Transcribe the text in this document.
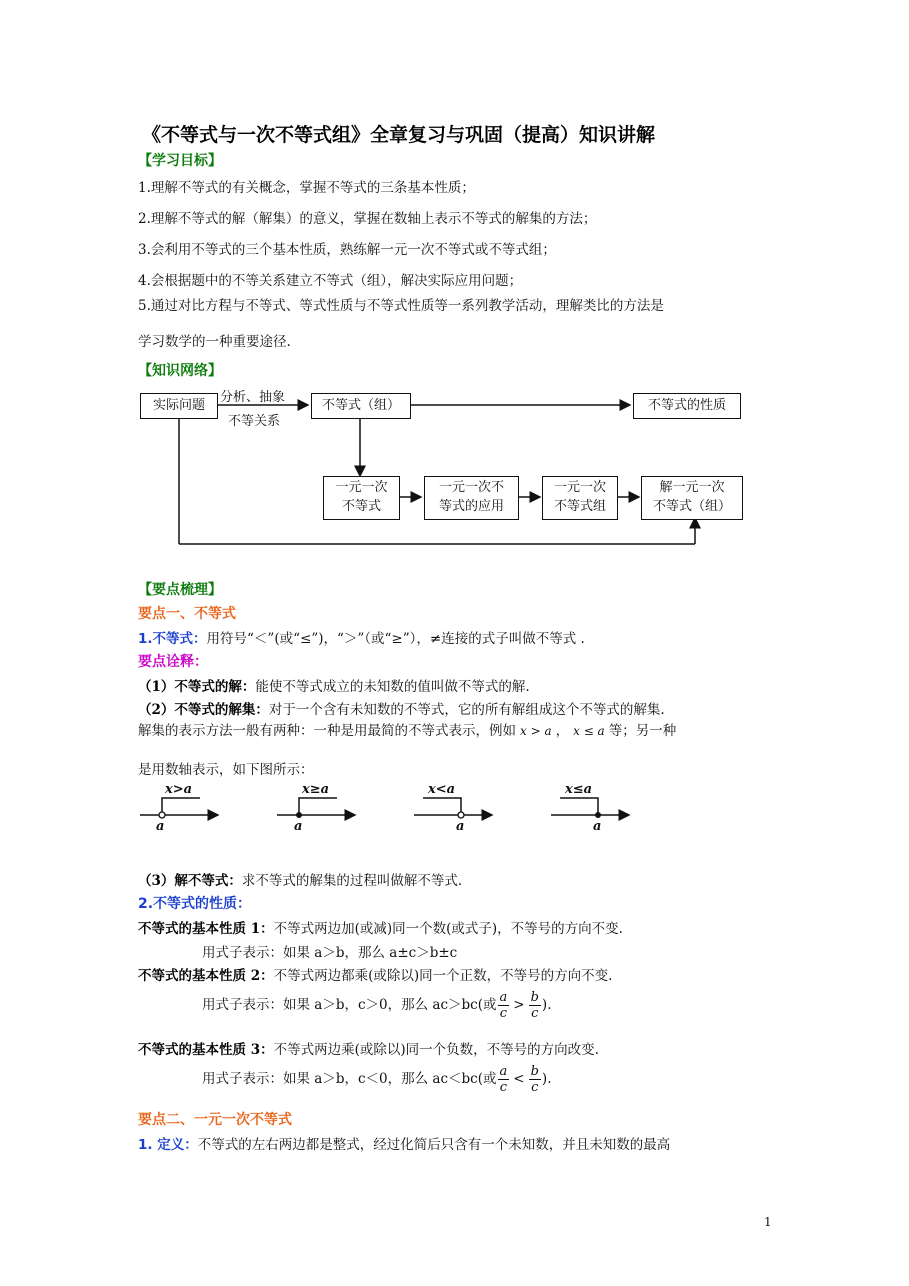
《不等式与一次不等式组》全章复习与巩固（提高）知识讲解
【学习目标】
1.理解不等式的有关概念，掌握不等式的三条基本性质；
2.理解不等式的解（解集）的意义，掌握在数轴上表示不等式的解集的方法；
3.会利用不等式的三个基本性质，熟练解一元一次不等式或不等式组；
4.会根据题中的不等关系建立不等式（组），解决实际应用问题；
5.通过对比方程与不等式、等式性质与不等式性质等一系列教学活动，理解类比的方法是
学习数学的一种重要途径.
【知识网络】
实际问题
分析、抽象
不等关系
不等式（组）	不等式的性质
一元一次
不等式
一元一次不
等式的应用
一元一次
不等式组
解一元一次
不等式（组）
【要点梳理】
要点一、不等式
1.不等式：用符号“＜”(或“≤”)，“＞”（或“≥”），≠连接的式子叫做不等式 .
要点诠释：
（1）不等式的解：能使不等式成立的未知数的值叫做不等式的解.
（2）不等式的解集：对于一个含有未知数的不等式，它的所有解组成这个不等式的解集.
解集的表示方法一般有两种：一种是用最简的不等式表示，例如 x > a ， x ≤ a 等；另一种
是用数轴表示，如下图所示：
x>a
a
x≥a
a
x<a
a
x≤a
a
（3）解不等式：求不等式的解集的过程叫做解不等式.
2.不等式的性质：
不等式的基本性质 1：不等式两边加(或减)同一个数(或式子)，不等号的方向不变.
用式子表示：如果 a＞b，那么 a±c＞b±c
不等式的基本性质 2：不等式两边都乘(或除以)同一个正数，不等号的方向不变.
用式子表示：如果 a＞b，c＞0，那么 ac＞bc(或 $\frac{a}{c} > \frac{b}{c}$ ).
不等式的基本性质 3：不等式两边乘(或除以)同一个负数，不等号的方向改变.
用式子表示：如果 a＞b，c＜0，那么 ac＜bc(或 $\frac{a}{c} < \frac{b}{c}$ ).
要点二、一元一次不等式
1. 定义：不等式的左右两边都是整式，经过化简后只含有一个未知数，并且未知数的最高
1
